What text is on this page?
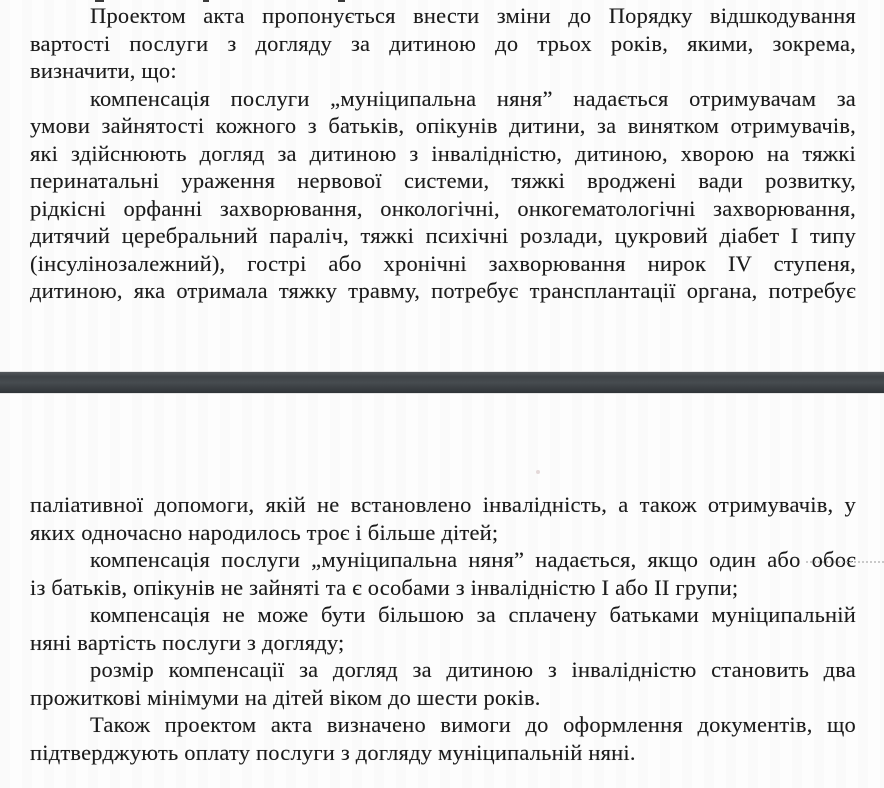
Проектом акта пропонується внести зміни до Порядку відшкодування
вартості послуги з догляду за дитиною до трьох років, якими, зокрема,
визначити, що:
компенсація послуги „муніципальна няня” надається отримувачам за
умови зайнятості кожного з батьків, опікунів дитини, за винятком отримувачів,
які здійснюють догляд за дитиною з інвалідністю, дитиною, хворою на тяжкі
перинатальні ураження нервової системи, тяжкі вроджені вади розвитку,
рідкісні орфанні захворювання, онкологічні, онкогематологічні захворювання,
дитячий церебральний параліч, тяжкі психічні розлади, цукровий діабет I типу
(інсулінозалежний), гострі або хронічні захворювання нирок IV ступеня,
дитиною, яка отримала тяжку травму, потребує трансплантації органа, потребує
паліативної допомоги, якій не встановлено інвалідність, а також отримувачів, у
яких одночасно народилось троє і більше дітей;
компенсація послуги „муніципальна няня” надається, якщо один або обоє
із батьків, опікунів не зайняті та є особами з інвалідністю I або II групи;
компенсація не може бути більшою за сплачену батьками муніципальній
няні вартість послуги з догляду;
розмір компенсації за догляд за дитиною з інвалідністю становить два
прожиткові мінімуми на дітей віком до шести років.
Також проектом акта визначено вимоги до оформлення документів, що
підтверджують оплату послуги з догляду муніципальній няні.
